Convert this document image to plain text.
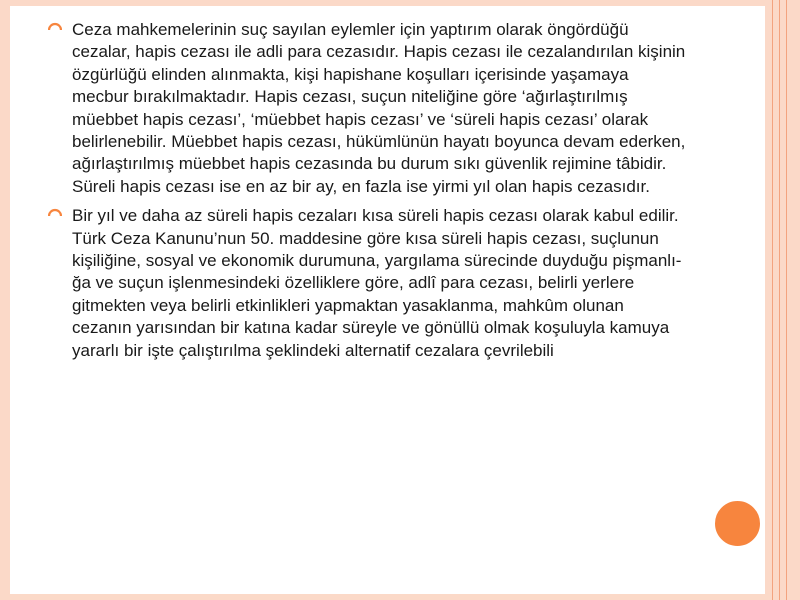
Ceza mahkemelerinin suç sayılan eylemler için yaptırım olarak öngördüğü cezalar, hapis cezası ile adli para cezasıdır. Hapis cezası ile cezalandırılan kişinin özgürlüğü elinden alınmakta, kişi hapishane koşulları içerisinde yaşamaya mecbur bırakılmaktadır. Hapis cezası, suçun niteliğine göre ‘ağırlaştırılmış müebbet hapis cezası’, ‘müebbet hapis cezası’ ve ‘süreli hapis cezası’ olarak belirlenebilir. Müebbet hapis cezası, hükümlünün hayatı boyunca devam ederken, ağırlaştırılmış müebbet hapis cezasında bu durum sıkı güvenlik rejimine tâbidir. Süreli hapis cezası ise en az bir ay, en fazla ise yirmi yıl olan hapis cezasıdır.
Bir yıl ve daha az süreli hapis cezaları kısa süreli hapis cezası olarak kabul edilir. Türk Ceza Kanunu’nun 50. maddesine göre kısa süreli hapis cezası, suçlunun kişiliğine, sosyal ve ekonomik durumuna, yargılama sürecinde duyduğu pişmanlı-ğa ve suçun işlenmesindeki özelliklere göre, adlî para cezası, belirli yerlere gitmekten veya belirli etkinlikleri yapmaktan yasaklanma, mahkûm olunan cezanın yarısından bir katına kadar süreyle ve gönüllü olmak koşuluyla kamuya yararlı bir işte çalıştırılma şeklindeki alternatif cezalara çevrilebili
